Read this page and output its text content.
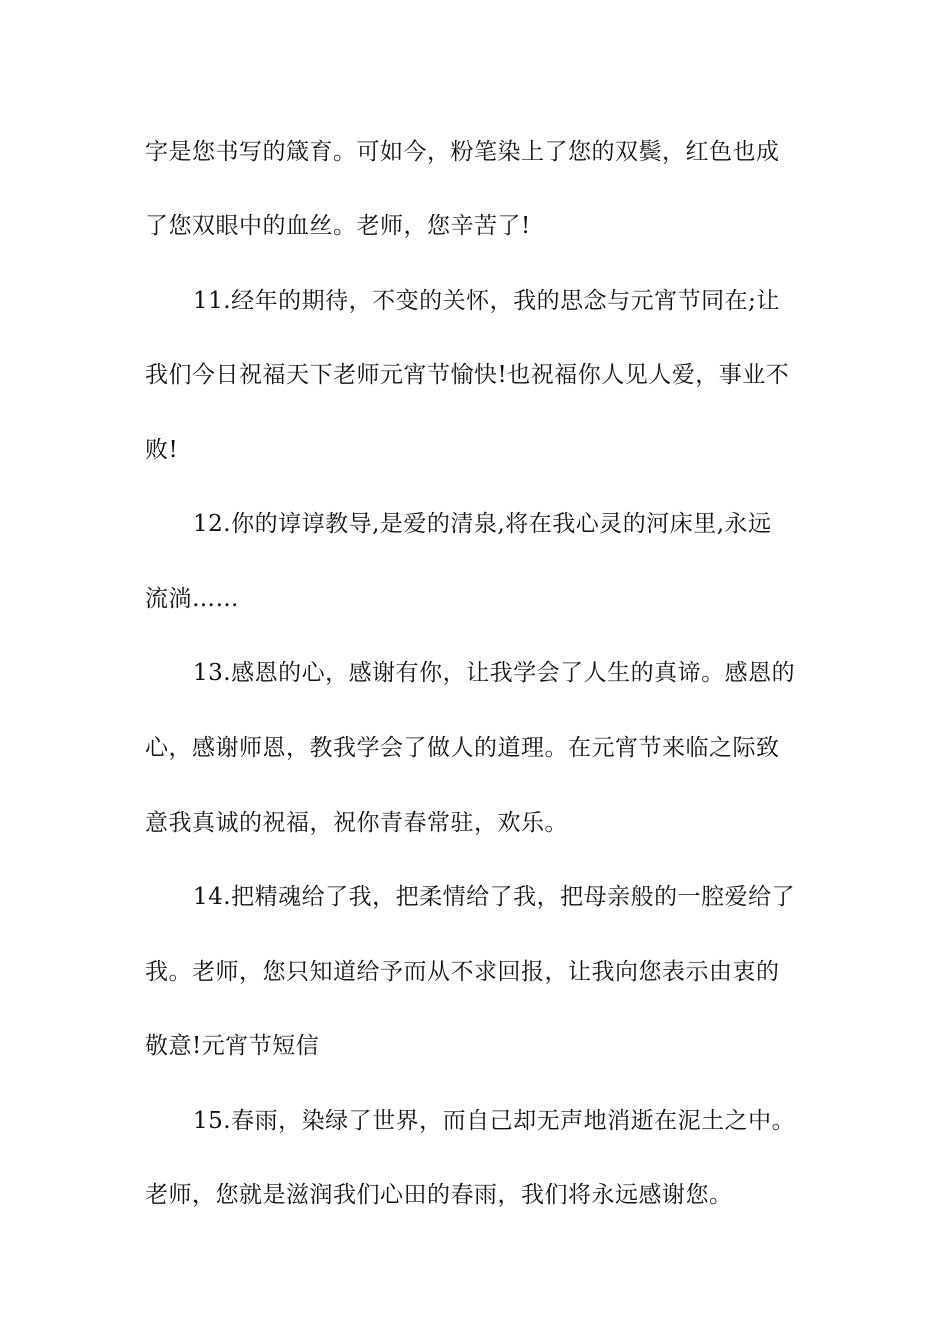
字是您书写的箴育。可如今，粉笔染上了您的双鬓，红色也成
了您双眼中的血丝。老师，您辛苦了!
11.经年的期待，不变的关怀，我的思念与元宵节同在;让
我们今日祝福天下老师元宵节愉快!也祝福你人见人爱，事业不
败!
12.你的谆谆教导,是爱的清泉,将在我心灵的河床里,永远
流淌……
13.感恩的心，感谢有你，让我学会了人生的真谛。感恩的
心，感谢师恩，教我学会了做人的道理。在元宵节来临之际致
意我真诚的祝福，祝你青春常驻，欢乐。
14.把精魂给了我，把柔情给了我，把母亲般的一腔爱给了
我。老师，您只知道给予而从不求回报，让我向您表示由衷的
敬意!元宵节短信
15.春雨，染绿了世界，而自己却无声地消逝在泥土之中。
老师，您就是滋润我们心田的春雨，我们将永远感谢您。
